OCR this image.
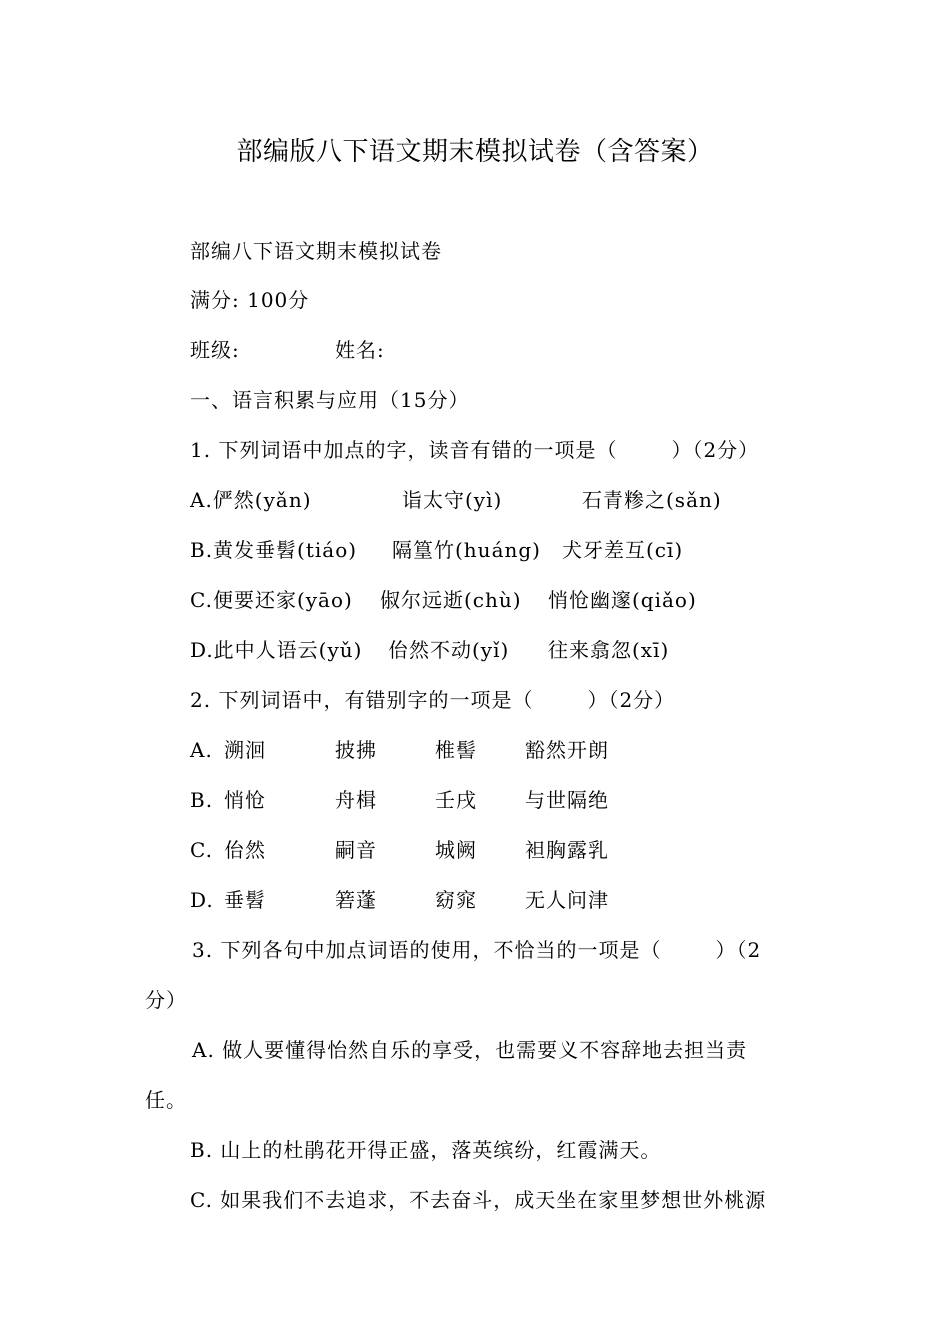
部编版八下语文期末模拟试卷（含答案）
部编八下语文期末模拟试卷
满分: 100分
班级:	姓名:
一、语言积累与应用（15分）
1. 下列词语中加点的字，读音有错的一项是（	）（2分）
A.俨然(yǎn)	诣太守(yì)	石青糁之(sǎn)
B.黄发垂髫(tiáo) 隔篁竹(huáng) 犬牙差互(cī)
C.便要还家(yāo) 俶尔远逝(chù) 悄怆幽邃(qiǎo)
D.此中人语云(yǔ) 佁然不动(yǐ) 往来翕忽(xī)
2. 下列词语中，有错别字的一项是（	）（2分）
A. 溯洄	披拂	椎髻 豁然开朗
B. 悄怆	舟楫	壬戌 与世隔绝
C. 佁然	嗣音	城阙 袒胸露乳
D. 垂髫	箬蓬	窈窕 无人问津
3. 下列各句中加点词语的使用，不恰当的一项是（	）（2
分）
A. 做人要懂得怡然自乐的享受，也需要义不容辞地去担当责
任。
B. 山上的杜鹃花开得正盛，落英缤纷，红霞满天。
C. 如果我们不去追求，不去奋斗，成天坐在家里梦想世外桃源
